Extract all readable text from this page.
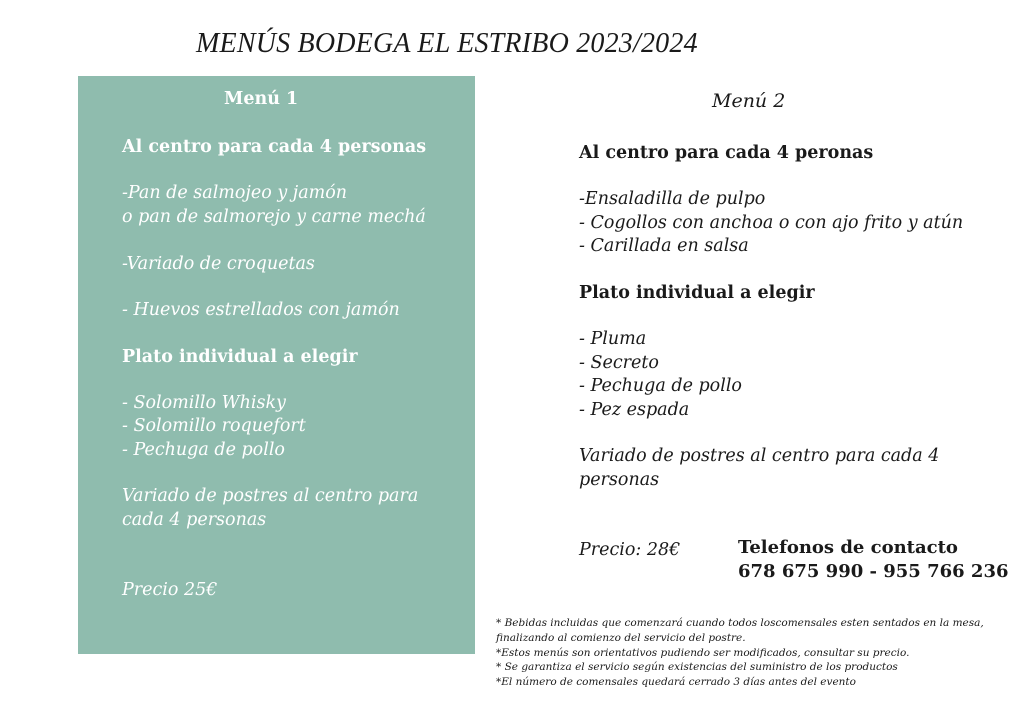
MENÚS BODEGA EL ESTRIBO 2023/2024
Menú 1
Al centro para cada 4 personas
-Pan de salmojeo y jamón
o pan de salmorejo y carne mechá
-Variado de croquetas
- Huevos estrellados con jamón
Plato individual a elegir
- Solomillo Whisky
- Solomillo roquefort
- Pechuga de pollo
Variado de postres al centro para
cada 4 personas
Precio 25€
Menú 2
Al centro para cada 4 peronas
-Ensaladilla de pulpo
- Cogollos con anchoa o con ajo frito y atún
- Carillada en salsa
Plato individual a elegir
- Pluma
- Secreto
- Pechuga de pollo
- Pez espada
Variado de postres al centro para cada 4
personas
Precio: 28€	Telefonos de contacto
678 675 990 - 955 766 236
* Bebidas incluidas que comenzará cuando todos loscomensales esten sentados en la mesa,
finalizando al comienzo del servicio del postre.
*Estos menús son orientativos pudiendo ser modificados, consultar su precio.
* Se garantiza el servicio según existencias del suministro de los productos
*El número de comensales quedará cerrado 3 días antes del evento
